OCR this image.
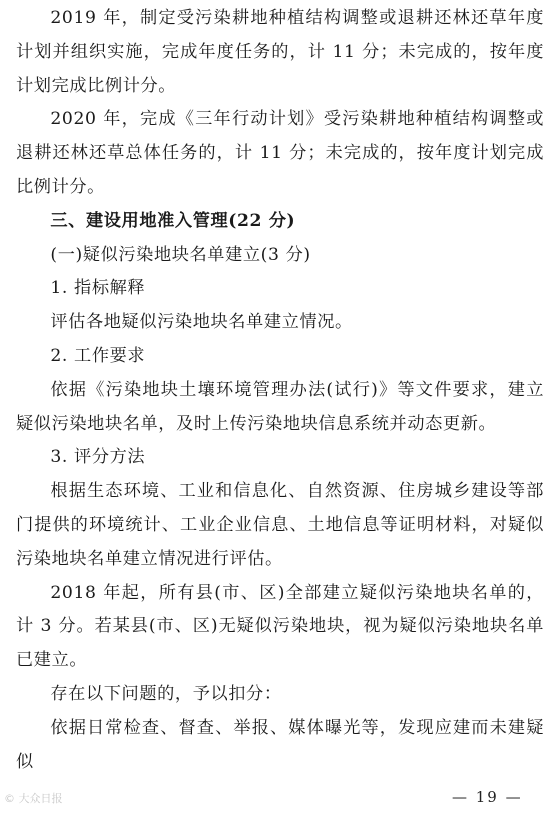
2019 年，制定受污染耕地种植结构调整或退耕还林还草年度计划并组织实施，完成年度任务的，计 11 分；未完成的，按年度计划完成比例计分。

2020 年，完成《三年行动计划》受污染耕地种植结构调整或退耕还林还草总体任务的，计 11 分；未完成的，按年度计划完成比例计分。

三、建设用地准入管理(22 分)

(一)疑似污染地块名单建立(3 分)

1. 指标解释

评估各地疑似污染地块名单建立情况。

2. 工作要求

依据《污染地块土壤环境管理办法(试行)》等文件要求，建立疑似污染地块名单，及时上传污染地块信息系统并动态更新。

3. 评分方法

根据生态环境、工业和信息化、自然资源、住房城乡建设等部门提供的环境统计、工业企业信息、土地信息等证明材料，对疑似污染地块名单建立情况进行评估。

2018 年起，所有县(市、区)全部建立疑似污染地块名单的，计 3 分。若某县(市、区)无疑似污染地块，视为疑似污染地块名单已建立。

存在以下问题的，予以扣分：

依据日常检查、督查、举报、媒体曝光等，发现应建而未建疑似

© 大众日报	— 19 —
